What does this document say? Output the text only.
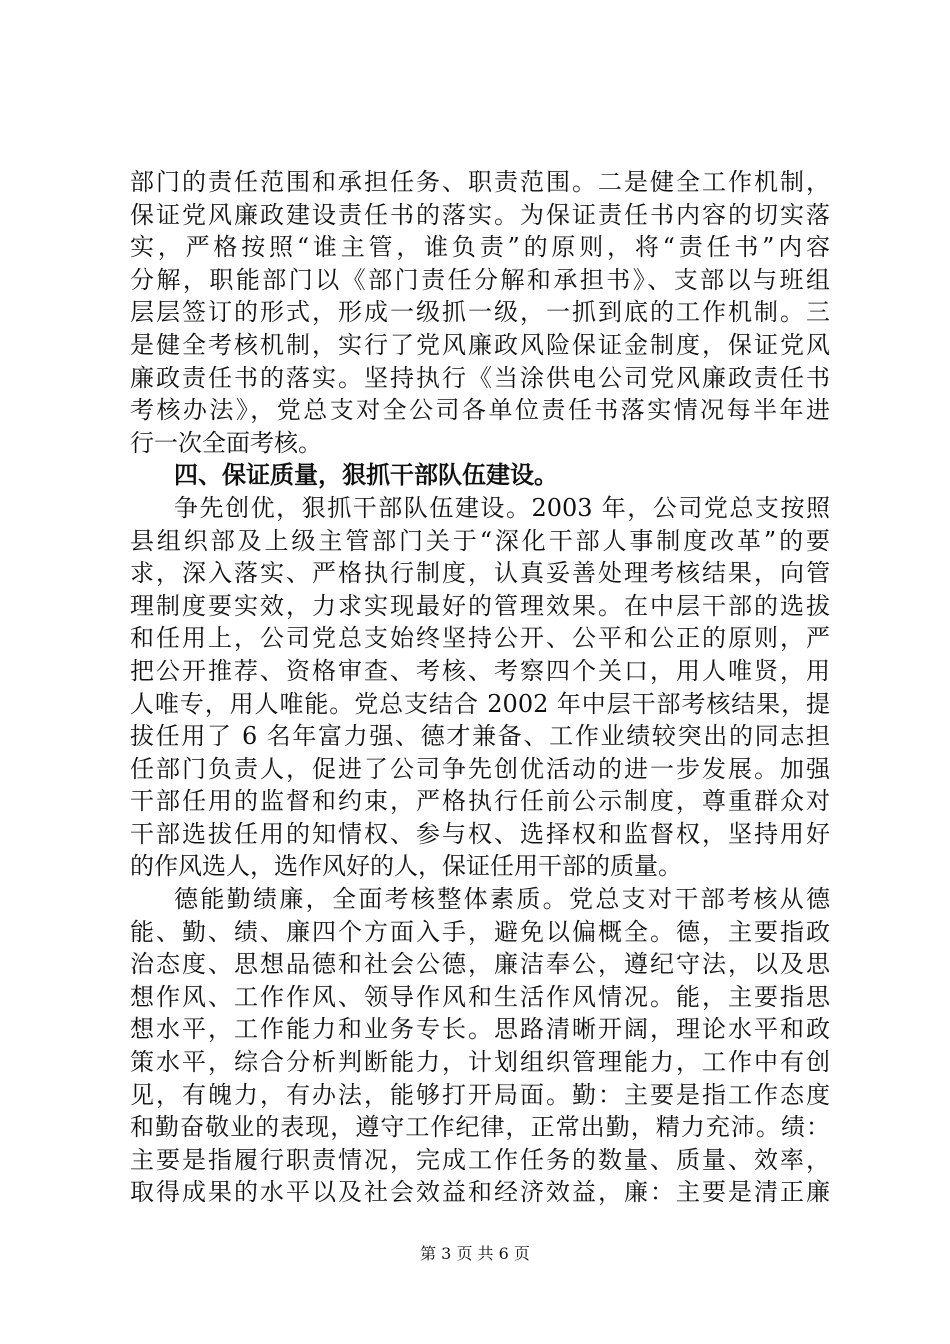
部门的责任范围和承担任务、职责范围。二是健全工作机制，
保证党风廉政建设责任书的落实。为保证责任书内容的切实落
实，严格按照“谁主管，谁负责”的原则，将“责任书”内容
分解，职能部门以《部门责任分解和承担书》、支部以与班组
层层签订的形式，形成一级抓一级，一抓到底的工作机制。三
是健全考核机制，实行了党风廉政风险保证金制度，保证党风
廉政责任书的落实。坚持执行《当涂供电公司党风廉政责任书
考核办法》，党总支对全公司各单位责任书落实情况每半年进
行一次全面考核。
四、保证质量，狠抓干部队伍建设。
争先创优，狠抓干部队伍建设。2003 年，公司党总支按照
县组织部及上级主管部门关于“深化干部人事制度改革”的要
求，深入落实、严格执行制度，认真妥善处理考核结果，向管
理制度要实效，力求实现最好的管理效果。在中层干部的选拔
和任用上，公司党总支始终坚持公开、公平和公正的原则，严
把公开推荐、资格审查、考核、考察四个关口，用人唯贤，用
人唯专，用人唯能。党总支结合 2002 年中层干部考核结果，提
拔任用了 6 名年富力强、德才兼备、工作业绩较突出的同志担
任部门负责人，促进了公司争先创优活动的进一步发展。加强
干部任用的监督和约束，严格执行任前公示制度，尊重群众对
干部选拔任用的知情权、参与权、选择权和监督权，坚持用好
的作风选人，选作风好的人，保证任用干部的质量。
德能勤绩廉，全面考核整体素质。党总支对干部考核从德
能、勤、绩、廉四个方面入手，避免以偏概全。德，主要指政
治态度、思想品德和社会公德，廉洁奉公，遵纪守法，以及思
想作风、工作作风、领导作风和生活作风情况。能，主要指思
想水平，工作能力和业务专长。思路清晰开阔，理论水平和政
策水平，综合分析判断能力，计划组织管理能力，工作中有创
见，有魄力，有办法，能够打开局面。勤：主要是指工作态度
和勤奋敬业的表现，遵守工作纪律，正常出勤，精力充沛。绩：
主要是指履行职责情况，完成工作任务的数量、质量、效率，
取得成果的水平以及社会效益和经济效益，廉：主要是清正廉
第 3 页 共 6 页
